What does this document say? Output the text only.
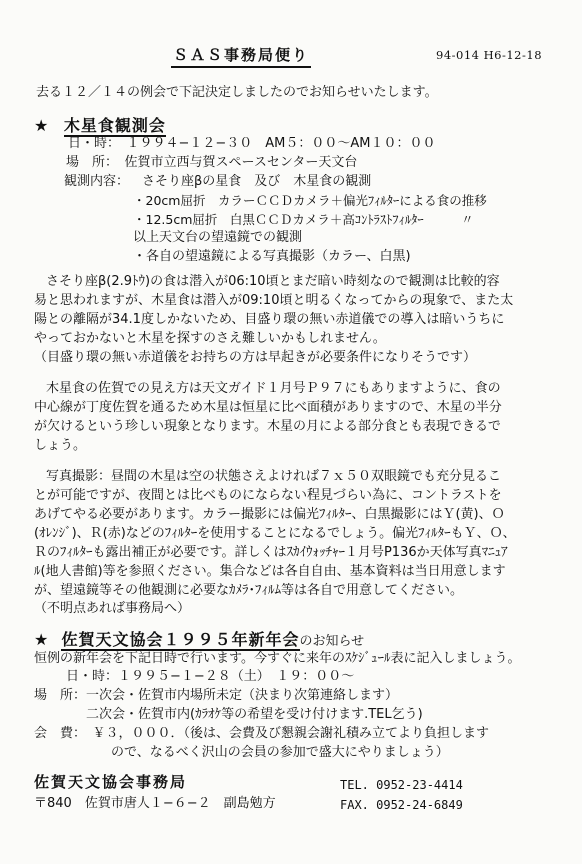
ＳＡＳ事務局便り	94-014 H6-12-18
去る１２／１４の例会で下記決定しましたのでお知らせいたします。
★ 木星食観測会
日・時：　１９９４−１２−３０　AM５：００〜AM１０：００
場　所：　佐賀市立西与賀スペースセンター天文台
観測内容： さそり座βの星食　及び　木星食の観測
・20cm屈折　カラーＣＣＤカメラ＋偏光ﾌｨﾙﾀｰによる食の推移
・12.5cm屈折　白黒ＣＣＤカメラ＋高ｺﾝﾄﾗｽﾄﾌｨﾙﾀｰ　　　〃
以上天文台の望遠鏡での観測
・各自の望遠鏡による写真撮影（カラー、白黒)
さそり座β(2.9ﾄｳ)の食は潜入が06:10頃とまだ暗い時刻なので観測は比較的容
易と思われますが、木星食は潜入が09:10頃と明るくなってからの現象で、また太
陽との離隔が34.1度しかないため、目盛り環の無い赤道儀での導入は暗いうちに
やっておかないと木星を探すのさえ難しいかもしれません。
（目盛り環の無い赤道儀をお持ちの方は早起きが必要条件になりそうです）
木星食の佐賀での見え方は天文ガイド１月号Ｐ９７にもありますように、食の
中心線が丁度佐賀を通るため木星は恒星に比べ面積がありますので、木星の半分
が欠けるという珍しい現象となります。木星の月による部分食とも表現できるで
しょう。
写真撮影：昼間の木星は空の状態さえよければ７ｘ５０双眼鏡でも充分見るこ
とが可能ですが、夜間とは比べものにならない程見づらい為に、コントラストを
あげてやる必要があります。カラー撮影には偏光ﾌｨﾙﾀｰ、白黒撮影にはＹ(黄)、Ｏ
(ｵﾚﾝｼﾞ)、Ｒ(赤)などのﾌｨﾙﾀｰを使用することになるでしょう。偏光ﾌｨﾙﾀｰもＹ、Ｏ、
Ｒのﾌｨﾙﾀｰも露出補正が必要です。詳しくはｽｶｲｳｫｯﾁｬｰ１月号P136か天体写真ﾏﾆｭｱ
ﾙ(地人書館)等を参照ください。集合などは各自自由、基本資料は当日用意します
が、望遠鏡等その他観測に必要なｶﾒﾗ･ﾌｨﾙﾑ等は各自で用意してください。
（不明点あれば事務局へ）
★ 佐賀天文協会１９９５年新年会のお知らせ
恒例の新年会を下記日時で行います。今すぐに来年のｽｹｼﾞｭｰﾙ表に記入しましょう。
日・時：１９９５−１−２８（土）　１９：００〜
場　所：一次会・佐賀市内場所未定（決まり次第連絡します）
二次会・佐賀市内(ｶﾗｵｹ等の希望を受け付けます.TEL乞う)
会　費：　￥３，０００．（後は、会費及び懇親会謝礼積み立てより負担します
ので、なるべく沢山の会員の参加で盛大にやりましょう）
佐賀天文協会事務局	TEL. 0952-23-4414
〒840　佐賀市唐人１−６−２　副島勉方	FAX. 0952-24-6849
